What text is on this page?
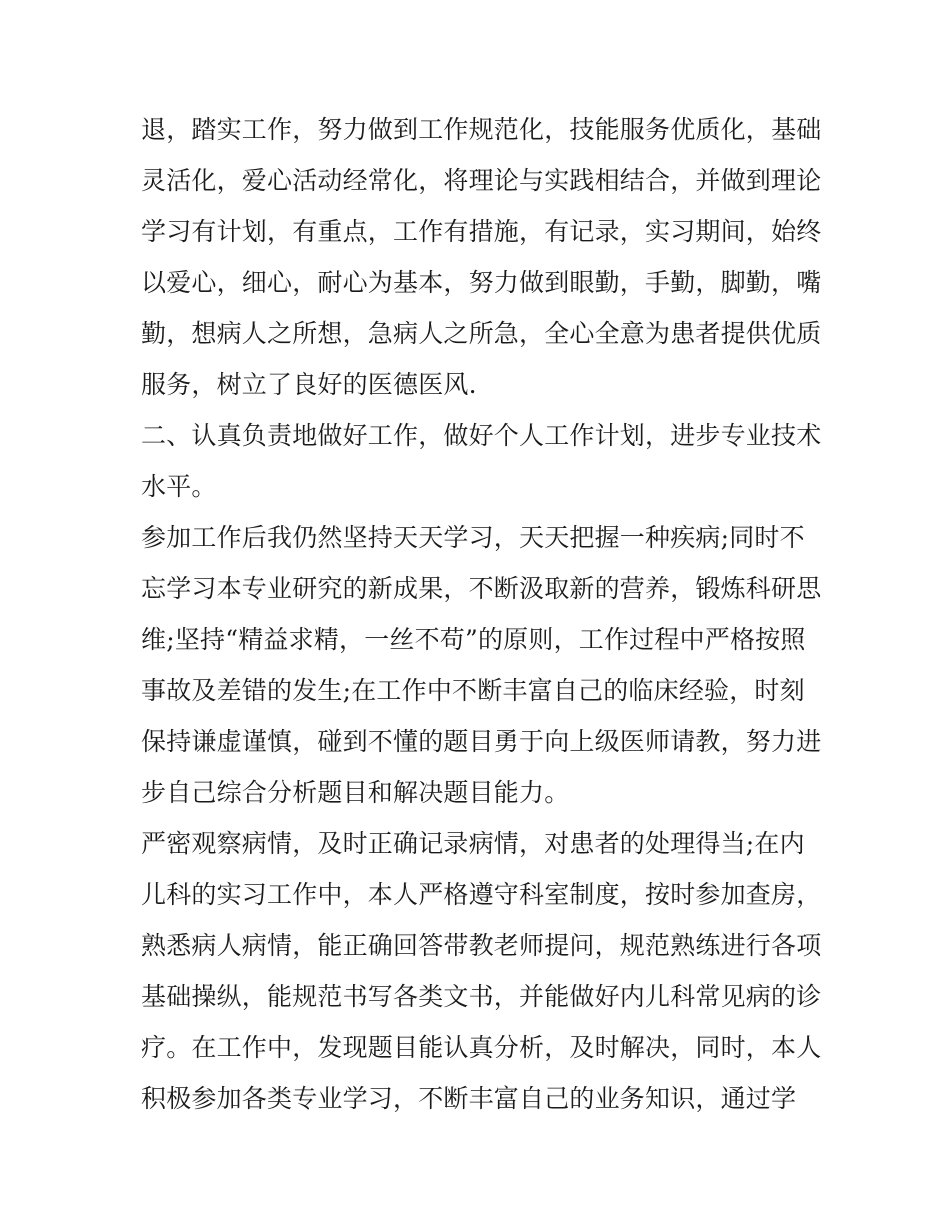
退，踏实工作，努力做到工作规范化，技能服务优质化，基础
灵活化，爱心活动经常化，将理论与实践相结合，并做到理论
学习有计划，有重点，工作有措施，有记录，实习期间，始终
以爱心，细心，耐心为基本，努力做到眼勤，手勤，脚勤，嘴
勤，想病人之所想，急病人之所急，全心全意为患者提供优质
服务，树立了良好的医德医风.
二、认真负责地做好工作，做好个人工作计划，进步专业技术
水平。
参加工作后我仍然坚持天天学习，天天把握一种疾病;同时不
忘学习本专业研究的新成果，不断汲取新的营养，锻炼科研思
维;坚持“精益求精，一丝不苟”的原则，工作过程中严格按照
事故及差错的发生;在工作中不断丰富自己的临床经验，时刻
保持谦虚谨慎，碰到不懂的题目勇于向上级医师请教，努力进
步自己综合分析题目和解决题目能力。
严密观察病情，及时正确记录病情，对患者的处理得当;在内
儿科的实习工作中，本人严格遵守科室制度，按时参加查房，
熟悉病人病情，能正确回答带教老师提问，规范熟练进行各项
基础操纵，能规范书写各类文书，并能做好内儿科常见病的诊
疗。在工作中，发现题目能认真分析，及时解决，同时，本人
积极参加各类专业学习，不断丰富自己的业务知识，通过学
